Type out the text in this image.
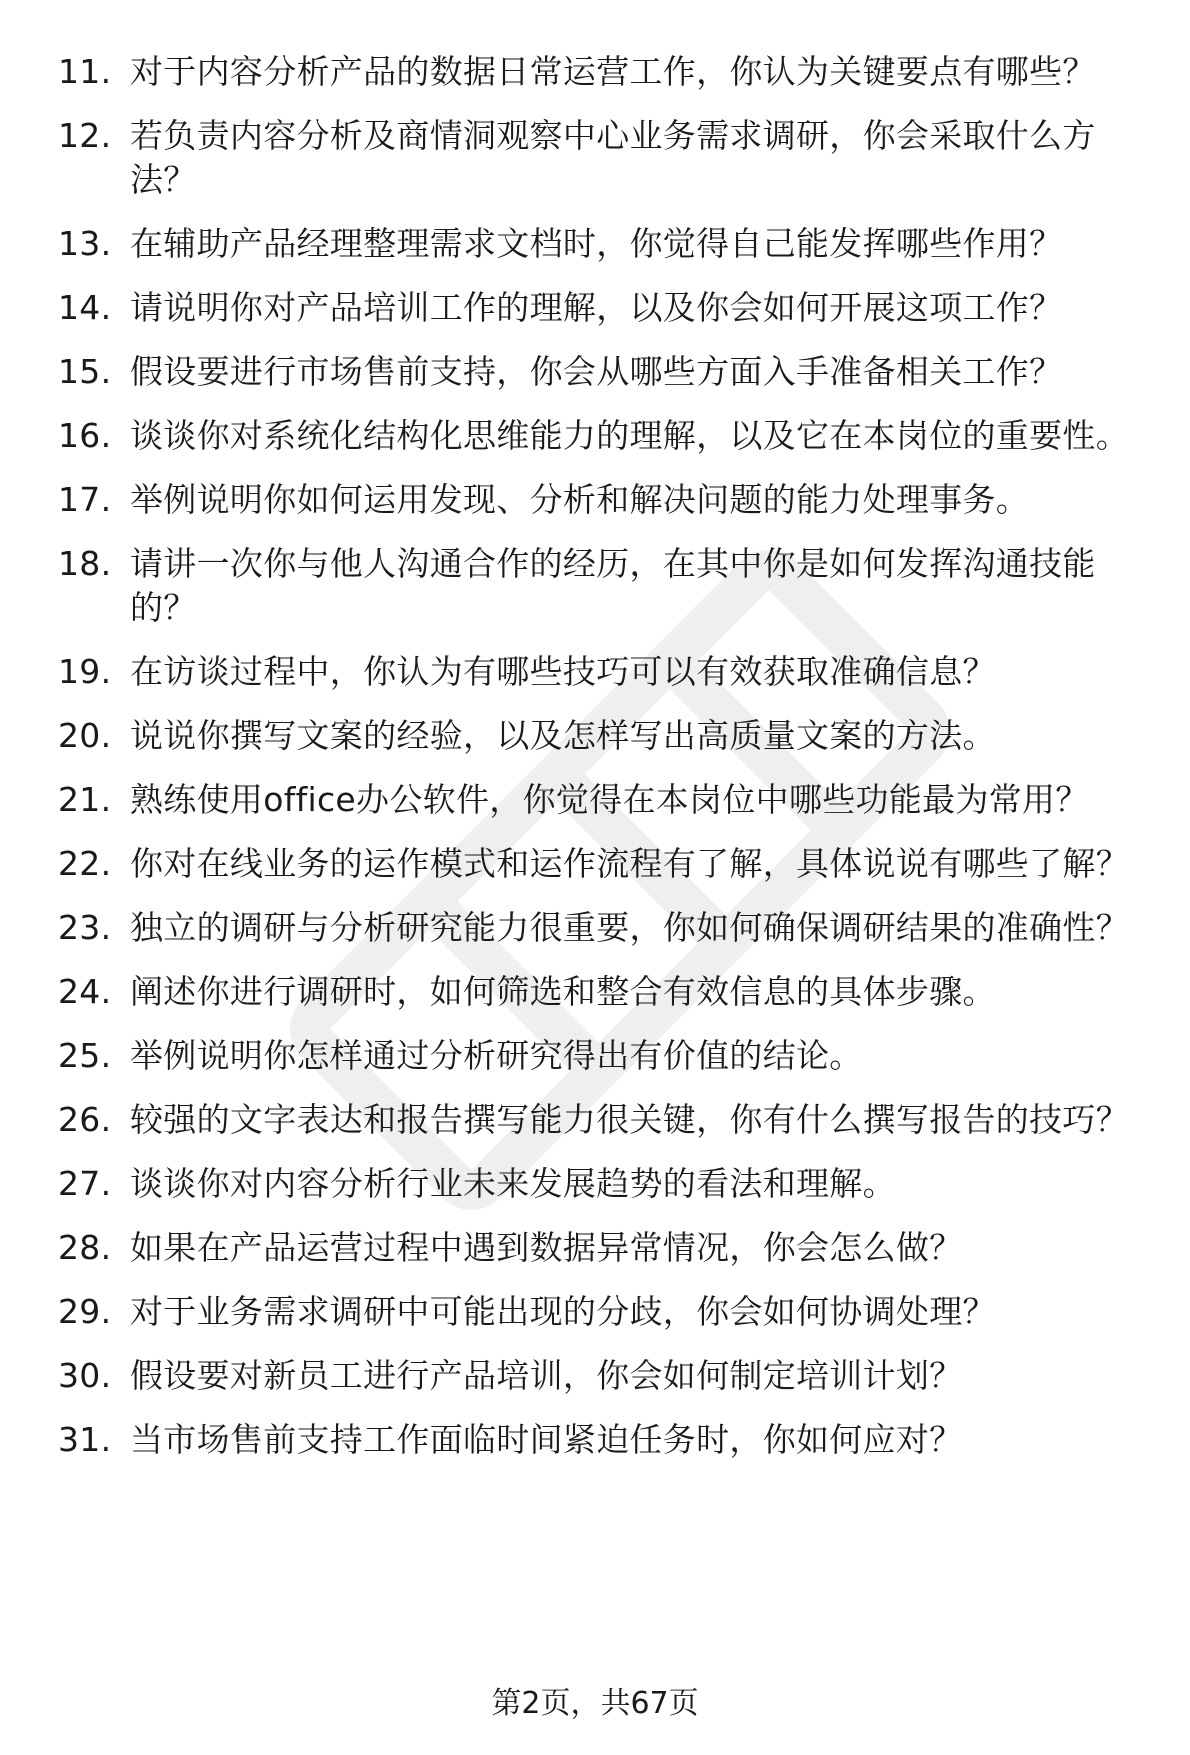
11. 对于内容分析产品的数据日常运营工作，你认为关键要点有哪些？
12. 若负责内容分析及商情洞观察中心业务需求调研，你会采取什么方法？
13. 在辅助产品经理整理需求文档时，你觉得自己能发挥哪些作用？
14. 请说明你对产品培训工作的理解，以及你会如何开展这项工作？
15. 假设要进行市场售前支持，你会从哪些方面入手准备相关工作？
16. 谈谈你对系统化结构化思维能力的理解，以及它在本岗位的重要性。
17. 举例说明你如何运用发现、分析和解决问题的能力处理事务。
18. 请讲一次你与他人沟通合作的经历，在其中你是如何发挥沟通技能的？
19. 在访谈过程中，你认为有哪些技巧可以有效获取准确信息？
20. 说说你撰写文案的经验，以及怎样写出高质量文案的方法。
21. 熟练使用office办公软件，你觉得在本岗位中哪些功能最为常用？
22. 你对在线业务的运作模式和运作流程有了解，具体说说有哪些了解？
23. 独立的调研与分析研究能力很重要，你如何确保调研结果的准确性？
24. 阐述你进行调研时，如何筛选和整合有效信息的具体步骤。
25. 举例说明你怎样通过分析研究得出有价值的结论。
26. 较强的文字表达和报告撰写能力很关键，你有什么撰写报告的技巧？
27. 谈谈你对内容分析行业未来发展趋势的看法和理解。
28. 如果在产品运营过程中遇到数据异常情况，你会怎么做？
29. 对于业务需求调研中可能出现的分歧，你会如何协调处理？
30. 假设要对新员工进行产品培训，你会如何制定培训计划？
31. 当市场售前支持工作面临时间紧迫任务时，你如何应对？
第2页，共67页
